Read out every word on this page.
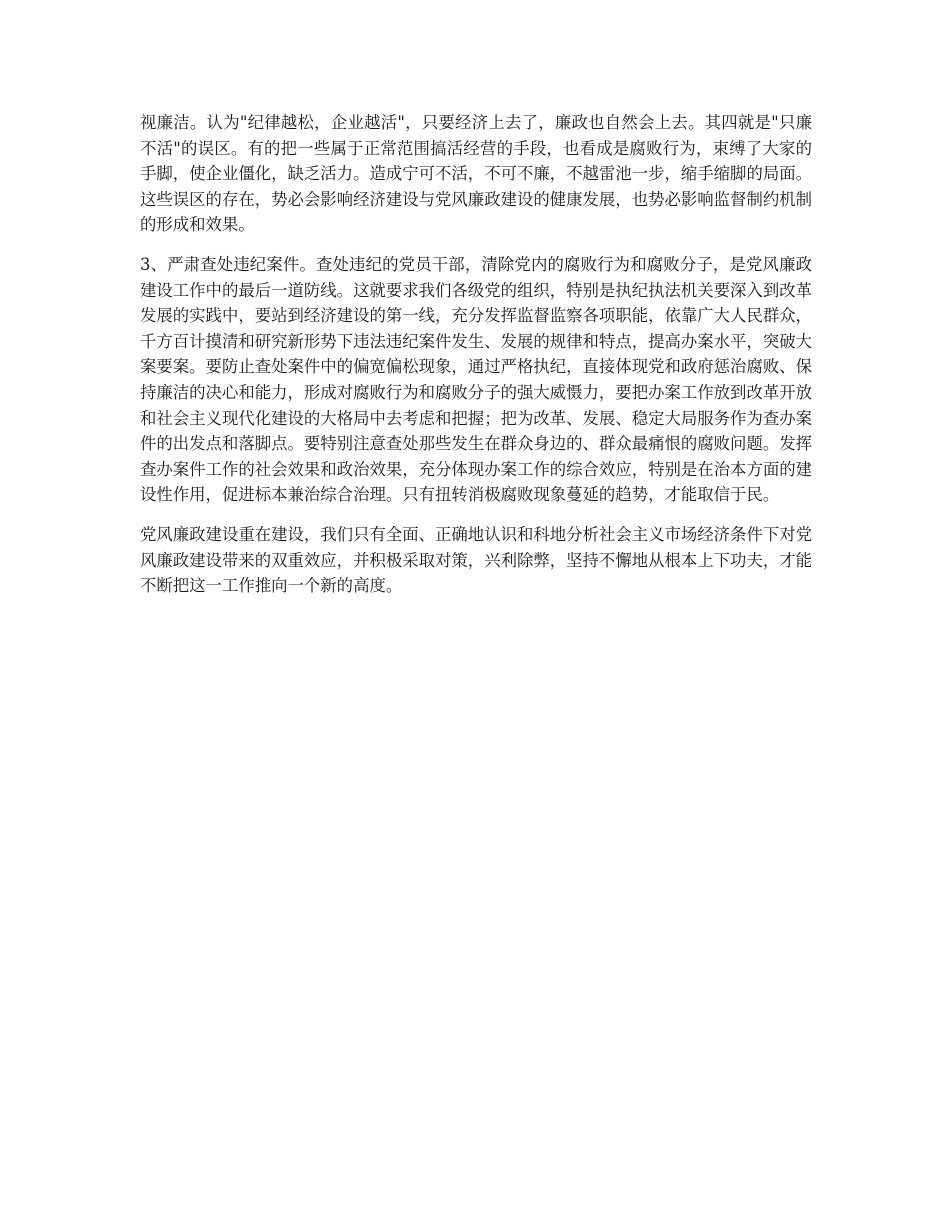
视廉洁。认为"纪律越松，企业越活"，只要经济上去了，廉政也自然会上去。其四就是"只廉不活"的误区。有的把一些属于正常范围搞活经营的手段，也看成是腐败行为，束缚了大家的手脚，使企业僵化，缺乏活力。造成宁可不活，不可不廉，不越雷池一步，缩手缩脚的局面。这些误区的存在，势必会影响经济建设与党风廉政建设的健康发展，也势必影响监督制约机制的形成和效果。

3、严肃查处违纪案件。查处违纪的党员干部，清除党内的腐败行为和腐败分子，是党风廉政建设工作中的最后一道防线。这就要求我们各级党的组织，特别是执纪执法机关要深入到改革发展的实践中，要站到经济建设的第一线，充分发挥监督监察各项职能，依靠广大人民群众，千方百计摸清和研究新形势下违法违纪案件发生、发展的规律和特点，提高办案水平，突破大案要案。要防止查处案件中的偏宽偏松现象，通过严格执纪，直接体现党和政府惩治腐败、保持廉洁的决心和能力，形成对腐败行为和腐败分子的强大威慑力，要把办案工作放到改革开放和社会主义现代化建设的大格局中去考虑和把握；把为改革、发展、稳定大局服务作为查办案件的出发点和落脚点。要特别注意查处那些发生在群众身边的、群众最痛恨的腐败问题。发挥查办案件工作的社会效果和政治效果，充分体现办案工作的综合效应，特别是在治本方面的建设性作用，促进标本兼治综合治理。只有扭转消极腐败现象蔓延的趋势，才能取信于民。

党风廉政建设重在建设，我们只有全面、正确地认识和科地分析社会主义市场经济条件下对党风廉政建设带来的双重效应，并积极采取对策，兴利除弊，坚持不懈地从根本上下功夫，才能不断把这一工作推向一个新的高度。
